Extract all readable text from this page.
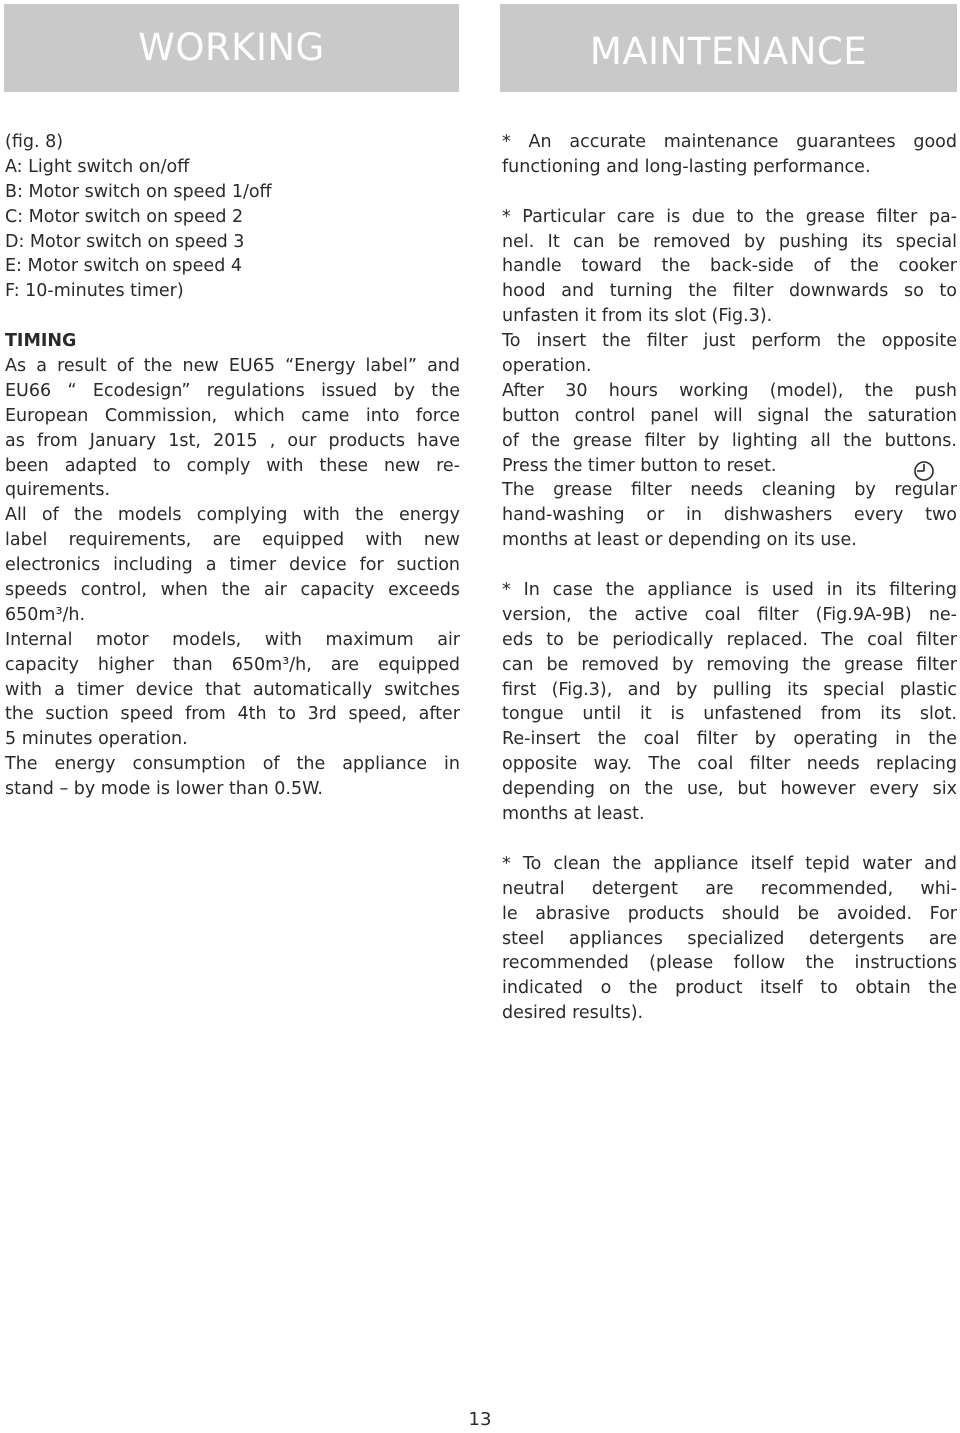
WORKING	MAINTENANCE
(fig. 8)
A: Light switch on/off
B: Motor switch on speed 1/off
C: Motor switch on speed 2
D: Motor switch on speed 3
E: Motor switch on speed 4
F: 10-minutes timer)
TIMING
As a result of the new EU65 “Energy label” and
EU66 “ Ecodesign” regulations issued by the
European Commission, which came into force
as from January 1st, 2015 , our products have
been adapted to comply with these new re-
quirements.
All of the models complying with the energy
label requirements, are equipped with new
electronics including a timer device for suction
speeds control, when the air capacity exceeds
650m³/h.
Internal motor models, with maximum air
capacity higher than 650m³/h, are equipped
with a timer device that automatically switches
the suction speed from 4th to 3rd speed, after
5 minutes operation.
The energy consumption of the appliance in
stand – by mode is lower than 0.5W.
* An accurate maintenance guarantees good
functioning and long-lasting performance.
* Particular care is due to the grease filter pa-
nel. It can be removed by pushing its special
handle toward the back-side of the cooker
hood and turning the filter downwards so to
unfasten it from its slot (Fig.3).
To insert the filter just perform the opposite
operation.
After 30 hours working (model), the push
button control panel will signal the saturation
of the grease filter by lighting all the buttons.
Press the timer button to reset.
The grease filter needs cleaning by regular
hand-washing or in dishwashers every two
months at least or depending on its use.
* In case the appliance is used in its filtering
version, the active coal filter (Fig.9A-9B) ne-
eds to be periodically replaced. The coal filter
can be removed by removing the grease filter
first (Fig.3), and by pulling its special plastic
tongue until it is unfastened from its slot.
Re-insert the coal filter by operating in the
opposite way. The coal filter needs replacing
depending on the use, but however every six
months at least.
* To clean the appliance itself tepid water and
neutral detergent are recommended, whi-
le abrasive products should be avoided. For
steel appliances specialized detergents are
recommended (please follow the instructions
indicated o the product itself to obtain the
desired results).
13
